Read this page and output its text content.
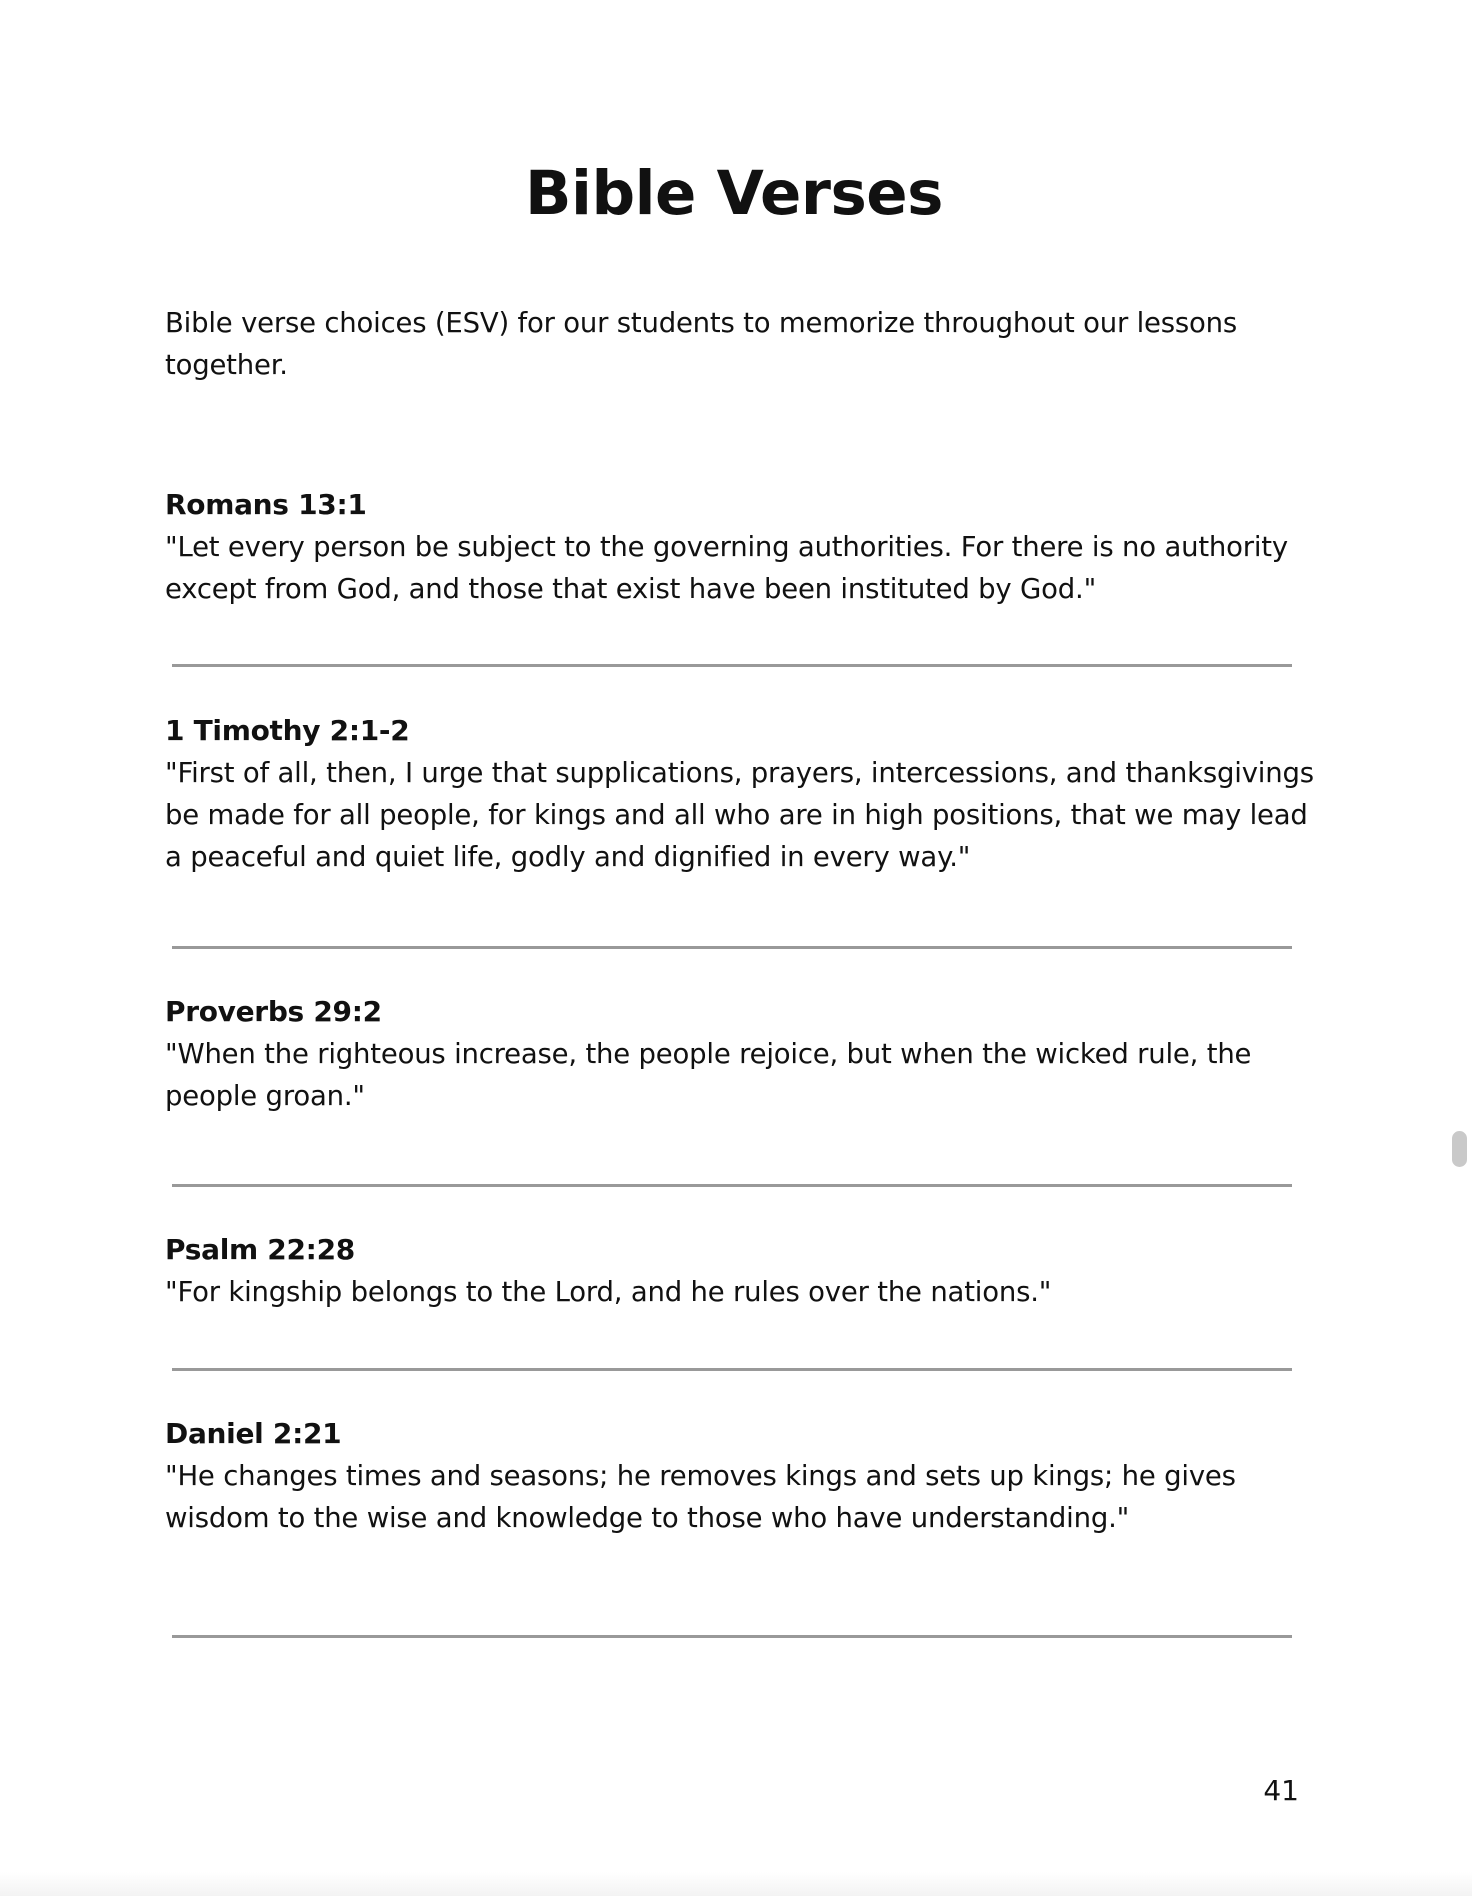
Bible Verses

Bible verse choices (ESV) for our students to memorize throughout our lessons together.

Romans 13:1

"Let every person be subject to the governing authorities. For there is no authority except from God, and those that exist have been instituted by God."

1 Timothy 2:1-2

"First of all, then, I urge that supplications, prayers, intercessions, and thanksgivings be made for all people, for kings and all who are in high positions, that we may lead a peaceful and quiet life, godly and dignified in every way."

Proverbs 29:2

"When the righteous increase, the people rejoice, but when the wicked rule, the people groan."

Psalm 22:28

"For kingship belongs to the Lord, and he rules over the nations."

Daniel 2:21

"He changes times and seasons; he removes kings and sets up kings; he gives wisdom to the wise and knowledge to those who have understanding."

41
